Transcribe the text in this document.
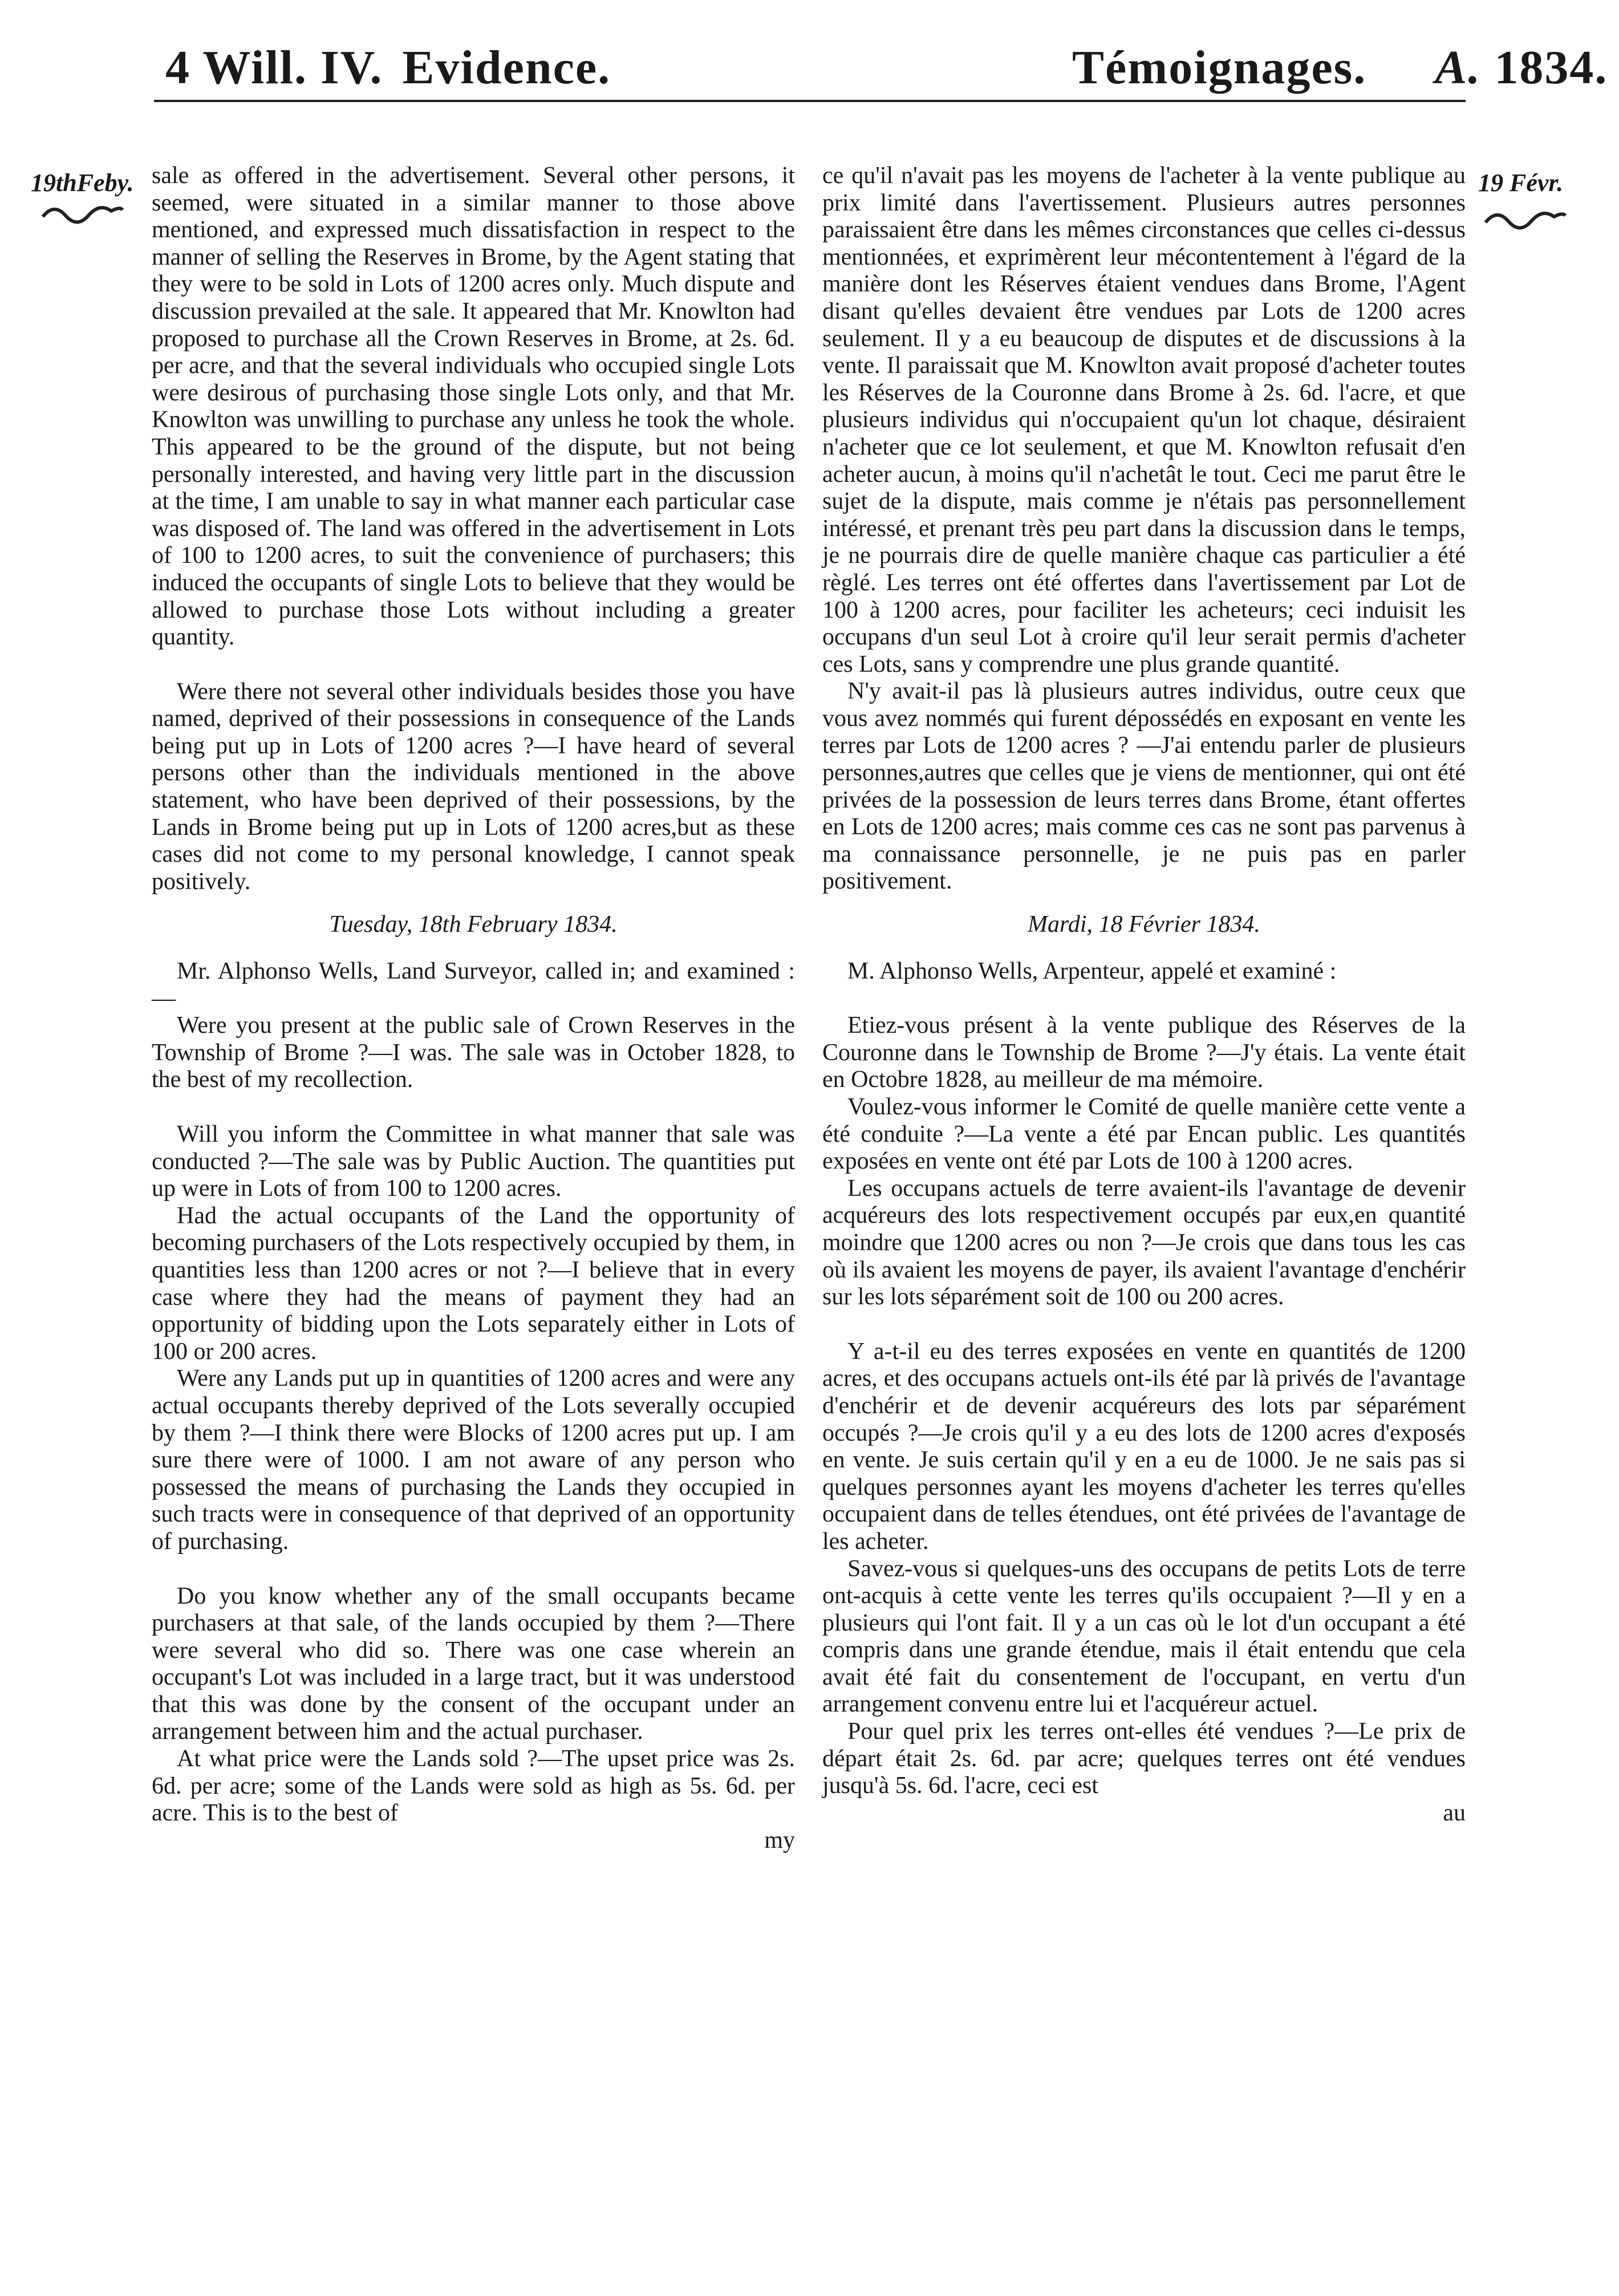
4 Will. IV. Evidence.	Témoignages. A. 1834.
19thFeby.	19 Févr.

sale as offered in the advertisement. Several other persons, it seemed, were situated in a similar manner to those above mentioned, and expressed much dissatisfaction in respect to the manner of selling the Reserves in Brome, by the Agent stating that they were to be sold in Lots of 1200 acres only. Much dispute and discussion prevailed at the sale. It appeared that Mr. Knowlton had proposed to purchase all the Crown Reserves in Brome, at 2s. 6d. per acre, and that the several individuals who occupied single Lots were desirous of purchasing those single Lots only, and that Mr. Knowlton was unwilling to purchase any unless he took the whole. This appeared to be the ground of the dispute, but not being personally interested, and having very little part in the discussion at the time, I am unable to say in what manner each particular case was disposed of. The land was offered in the advertisement in Lots of 100 to 1200 acres, to suit the convenience of purchasers; this induced the occupants of single Lots to believe that they would be allowed to purchase those Lots without including a greater quantity.

Were there not several other individuals besides those you have named, deprived of their possessions in consequence of the Lands being put up in Lots of 1200 acres ?—I have heard of several persons other than the individuals mentioned in the above statement, who have been deprived of their possessions, by the Lands in Brome being put up in Lots of 1200 acres,but as these cases did not come to my personal knowledge, I cannot speak positively.

Tuesday, 18th February 1834.

Mr. Alphonso Wells, Land Surveyor, called in; and examined :—

Were you present at the public sale of Crown Reserves in the Township of Brome ?—I was. The sale was in October 1828, to the best of my recollection.

Will you inform the Committee in what manner that sale was conducted ?—The sale was by Public Auction. The quantities put up were in Lots of from 100 to 1200 acres.

Had the actual occupants of the Land the opportunity of becoming purchasers of the Lots respectively occupied by them, in quantities less than 1200 acres or not ?—I believe that in every case where they had the means of payment they had an opportunity of bidding upon the Lots separately either in Lots of 100 or 200 acres.

Were any Lands put up in quantities of 1200 acres and were any actual occupants thereby deprived of the Lots severally occupied by them ?—I think there were Blocks of 1200 acres put up. I am sure there were of 1000. I am not aware of any person who possessed the means of purchasing the Lands they occupied in such tracts were in consequence of that deprived of an opportunity of purchasing.

Do you know whether any of the small occupants became purchasers at that sale, of the lands occupied by them ?—There were several who did so. There was one case wherein an occupant's Lot was included in a large tract, but it was understood that this was done by the consent of the occupant under an arrangement between him and the actual purchaser.

At what price were the Lands sold ?—The upset price was 2s. 6d. per acre; some of the Lands were sold as high as 5s. 6d. per acre. This is to the best of

my

ce qu'il n'avait pas les moyens de l'acheter à la vente publique au prix limité dans l'avertissement. Plusieurs autres personnes paraissaient être dans les mêmes circonstances que celles ci-dessus mentionnées, et exprimèrent leur mécontentement à l'égard de la manière dont les Réserves étaient vendues dans Brome, l'Agent disant qu'elles devaient être vendues par Lots de 1200 acres seulement. Il y a eu beaucoup de disputes et de discussions à la vente. Il paraissait que M. Knowlton avait proposé d'acheter toutes les Réserves de la Couronne dans Brome à 2s. 6d. l'acre, et que plusieurs individus qui n'occupaient qu'un lot chaque, désiraient n'acheter que ce lot seulement, et que M. Knowlton refusait d'en acheter aucun, à moins qu'il n'achetât le tout. Ceci me parut être le sujet de la dispute, mais comme je n'étais pas personnellement intéressé, et prenant très peu part dans la discussion dans le temps, je ne pourrais dire de quelle manière chaque cas particulier a été règlé. Les terres ont été offertes dans l'avertissement par Lot de 100 à 1200 acres, pour faciliter les acheteurs; ceci induisit les occupans d'un seul Lot à croire qu'il leur serait permis d'acheter ces Lots, sans y comprendre une plus grande quantité.

N'y avait-il pas là plusieurs autres individus, outre ceux que vous avez nommés qui furent dépossédés en exposant en vente les terres par Lots de 1200 acres ? —J'ai entendu parler de plusieurs personnes,autres que celles que je viens de mentionner, qui ont été privées de la possession de leurs terres dans Brome, étant offertes en Lots de 1200 acres; mais comme ces cas ne sont pas parvenus à ma connaissance personnelle, je ne puis pas en parler positivement.

Mardi, 18 Février 1834.

M. Alphonso Wells, Arpenteur, appelé et examiné :

Etiez-vous présent à la vente publique des Réserves de la Couronne dans le Township de Brome ?—J'y étais. La vente était en Octobre 1828, au meilleur de ma mémoire.

Voulez-vous informer le Comité de quelle manière cette vente a été conduite ?—La vente a été par Encan public. Les quantités exposées en vente ont été par Lots de 100 à 1200 acres.

Les occupans actuels de terre avaient-ils l'avantage de devenir acquéreurs des lots respectivement occupés par eux,en quantité moindre que 1200 acres ou non ?—Je crois que dans tous les cas où ils avaient les moyens de payer, ils avaient l'avantage d'enchérir sur les lots séparément soit de 100 ou 200 acres.

Y a-t-il eu des terres exposées en vente en quantités de 1200 acres, et des occupans actuels ont-ils été par là privés de l'avantage d'enchérir et de devenir acquéreurs des lots par séparément occupés ?—Je crois qu'il y a eu des lots de 1200 acres d'exposés en vente. Je suis certain qu'il y en a eu de 1000. Je ne sais pas si quelques personnes ayant les moyens d'acheter les terres qu'elles occupaient dans de telles étendues, ont été privées de l'avantage de les acheter.

Savez-vous si quelques-uns des occupans de petits Lots de terre ont-acquis à cette vente les terres qu'ils occupaient ?—Il y en a plusieurs qui l'ont fait. Il y a un cas où le lot d'un occupant a été compris dans une grande étendue, mais il était entendu que cela avait été fait du consentement de l'occupant, en vertu d'un arrangement convenu entre lui et l'acquéreur actuel.

Pour quel prix les terres ont-elles été vendues ?—Le prix de départ était 2s. 6d. par acre; quelques terres ont été vendues jusqu'à 5s. 6d. l'acre, ceci est

au
